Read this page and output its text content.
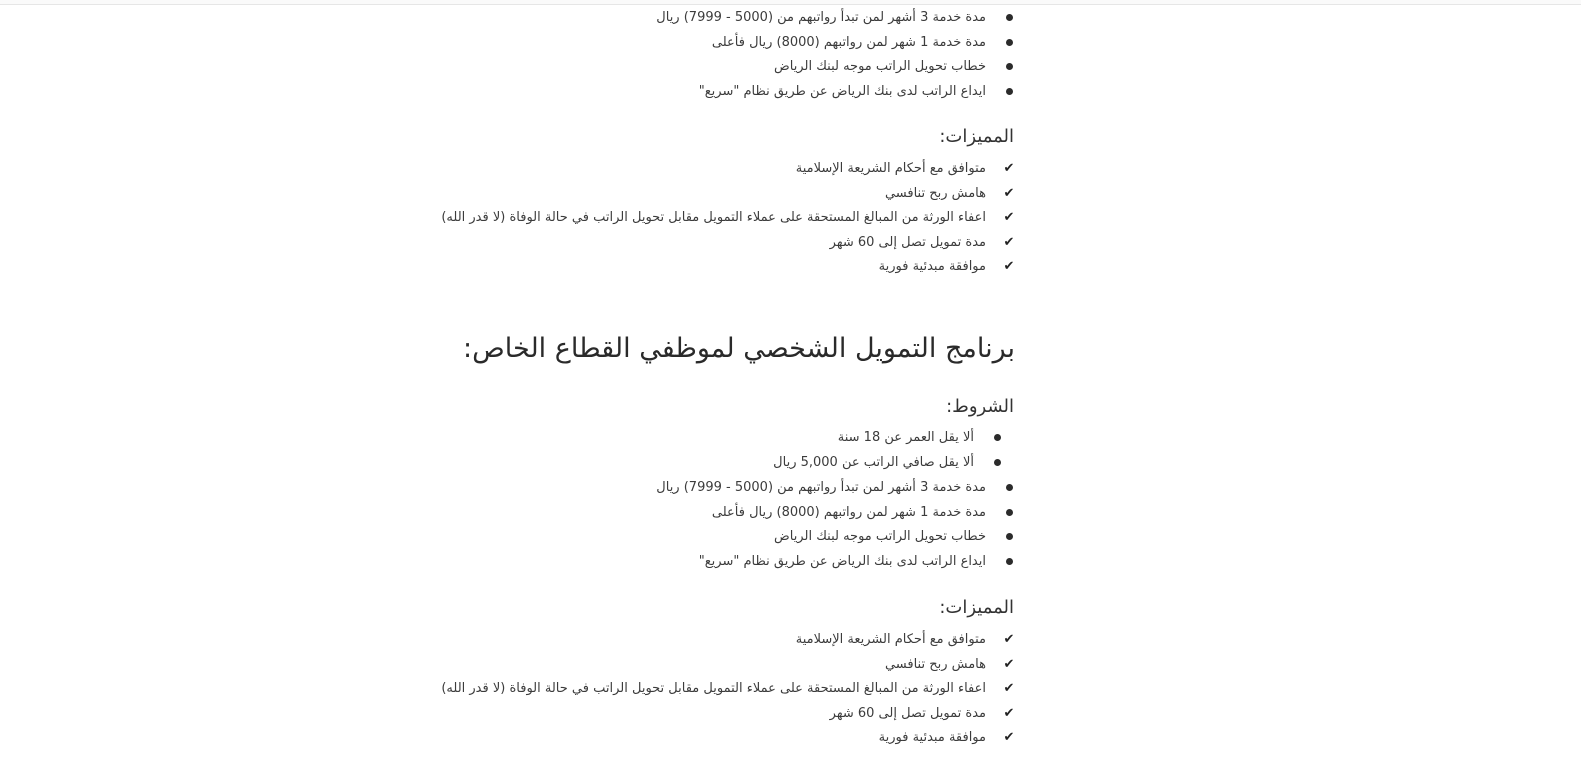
مدة خدمة 3 أشهر لمن تبدأ رواتبهم من (5000 - 7999) ريال
مدة خدمة 1 شهر لمن رواتبهم (8000) ريال فأعلى
خطاب تحويل الراتب موجه لبنك الرياض
ايداع الراتب لدى بنك الرياض عن طريق نظام "سريع"
المميزات:
✔متوافق مع أحكام الشريعة الإسلامية
✔هامش ربح تنافسي
✔اعفاء الورثة من المبالغ المستحقة على عملاء التمويل مقابل تحويل الراتب في حالة الوفاة (لا قدر الله)
✔مدة تمويل تصل إلى 60 شهر
✔موافقة مبدئية فورية
برنامج التمويل الشخصي لموظفي القطاع الخاص:
الشروط:
ألا يقل العمر عن 18 سنة
ألا يقل صافي الراتب عن 5,000 ريال
مدة خدمة 3 أشهر لمن تبدأ رواتبهم من (5000 - 7999) ريال
مدة خدمة 1 شهر لمن رواتبهم (8000) ريال فأعلى
خطاب تحويل الراتب موجه لبنك الرياض
ايداع الراتب لدى بنك الرياض عن طريق نظام "سريع"
المميزات:
✔متوافق مع أحكام الشريعة الإسلامية
✔هامش ربح تنافسي
✔اعفاء الورثة من المبالغ المستحقة على عملاء التمويل مقابل تحويل الراتب في حالة الوفاة (لا قدر الله)
✔مدة تمويل تصل إلى 60 شهر
✔موافقة مبدئية فورية
